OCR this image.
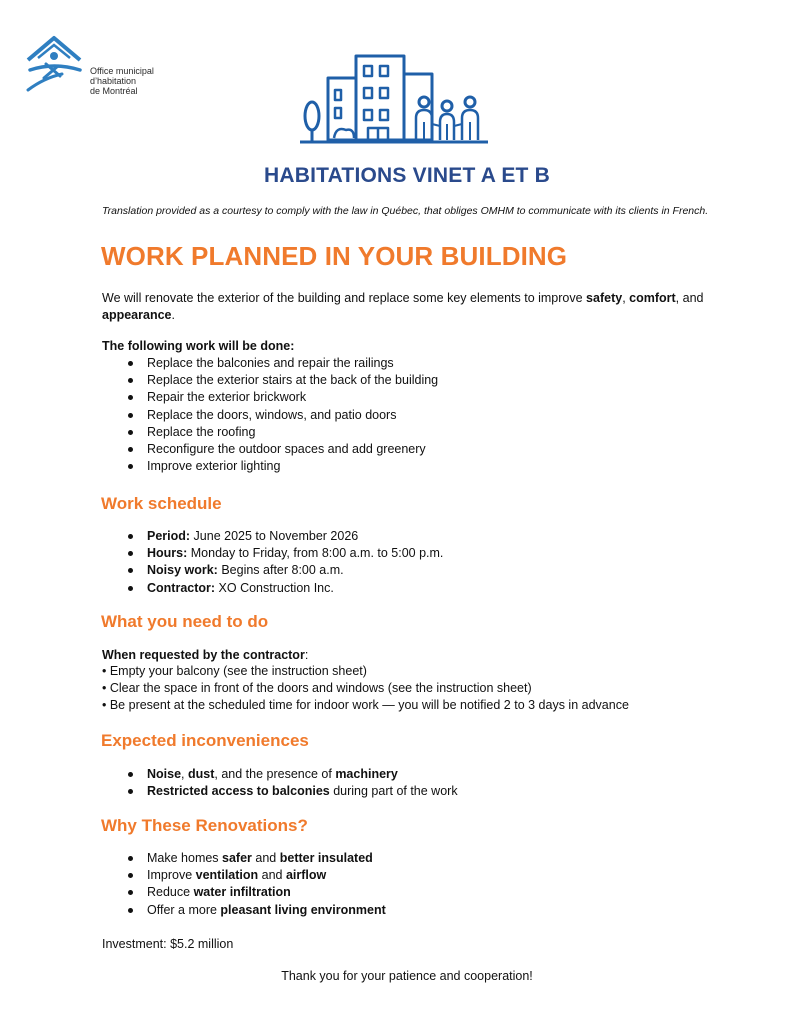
Office municipal
d’habitation
de Montréal
HABITATIONS VINET A ET B
Translation provided as a courtesy to comply with the law in Québec, that obliges OMHM to communicate with its clients in French.
WORK PLANNED IN YOUR BUILDING
We will renovate the exterior of the building and replace some key elements to improve safety, comfort, and appearance.
The following work will be done:
Replace the balconies and repair the railings
Replace the exterior stairs at the back of the building
Repair the exterior brickwork
Replace the doors, windows, and patio doors
Replace the roofing
Reconfigure the outdoor spaces and add greenery
Improve exterior lighting
Work schedule
Period: June 2025 to November 2026
Hours: Monday to Friday, from 8:00 a.m. to 5:00 p.m.
Noisy work: Begins after 8:00 a.m.
Contractor: XO Construction Inc.
What you need to do
When requested by the contractor:
• Empty your balcony (see the instruction sheet)
• Clear the space in front of the doors and windows (see the instruction sheet)
• Be present at the scheduled time for indoor work — you will be notified 2 to 3 days in advance
Expected inconveniences
Noise, dust, and the presence of machinery
Restricted access to balconies during part of the work
Why These Renovations?
Make homes safer and better insulated
Improve ventilation and airflow
Reduce water infiltration
Offer a more pleasant living environment
Investment: $5.2 million
Thank you for your patience and cooperation!
